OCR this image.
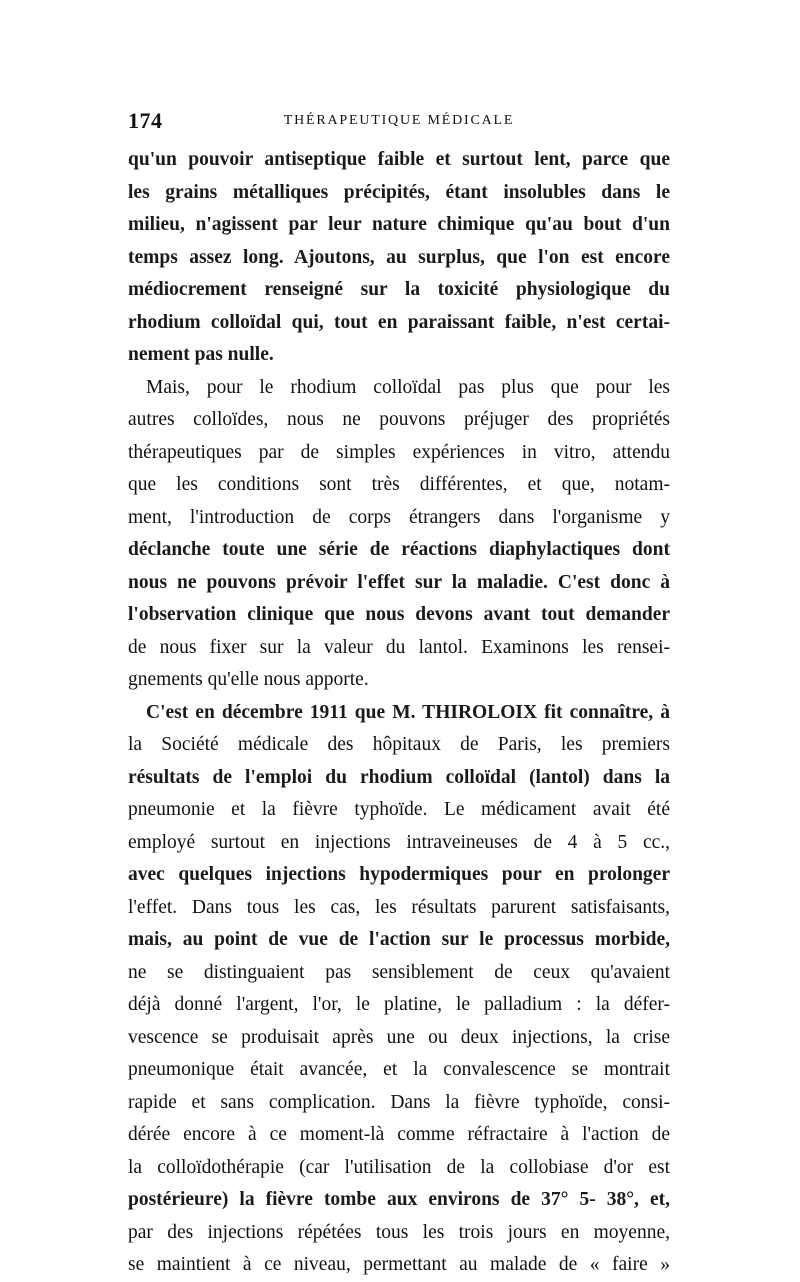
174	THÉRAPEUTIQUE MÉDICALE
qu'un pouvoir antiseptique faible et surtout lent, parce que
les grains métalliques précipités, étant insolubles dans le
milieu, n'agissent par leur nature chimique qu'au bout d'un
temps assez long. Ajoutons, au surplus, que l'on est encore
médiocrement renseigné sur la toxicité physiologique du
rhodium colloïdal qui, tout en paraissant faible, n'est certai-
nement pas nulle.
Mais, pour le rhodium colloïdal pas plus que pour les
autres colloïdes, nous ne pouvons préjuger des propriétés
thérapeutiques par de simples expériences in vitro, attendu
que les conditions sont très différentes, et que, notam-
ment, l'introduction de corps étrangers dans l'organisme y
déclanche toute une série de réactions diaphylactiques dont
nous ne pouvons prévoir l'effet sur la maladie. C'est donc à
l'observation clinique que nous devons avant tout demander
de nous fixer sur la valeur du lantol. Examinons les rensei-
gnements qu'elle nous apporte.
C'est en décembre 1911 que M. THIROLOIX fit connaître, à
la Société médicale des hôpitaux de Paris, les premiers
résultats de l'emploi du rhodium colloïdal (lantol) dans la
pneumonie et la fièvre typhoïde. Le médicament avait été
employé surtout en injections intraveineuses de 4 à 5 cc.,
avec quelques injections hypodermiques pour en prolonger
l'effet. Dans tous les cas, les résultats parurent satisfaisants,
mais, au point de vue de l'action sur le processus morbide,
ne se distinguaient pas sensiblement de ceux qu'avaient
déjà donné l'argent, l'or, le platine, le palladium : la défer-
vescence se produisait après une ou deux injections, la crise
pneumonique était avancée, et la convalescence se montrait
rapide et sans complication. Dans la fièvre typhoïde, consi-
dérée encore à ce moment-là comme réfractaire à l'action de
la colloïdothérapie (car l'utilisation de la collobiase d'or est
postérieure) la fièvre tombe aux environs de 37° 5- 38°, et,
par des injections répétées tous les trois jours en moyenne,
se maintient à ce niveau, permettant au malade de « faire »
